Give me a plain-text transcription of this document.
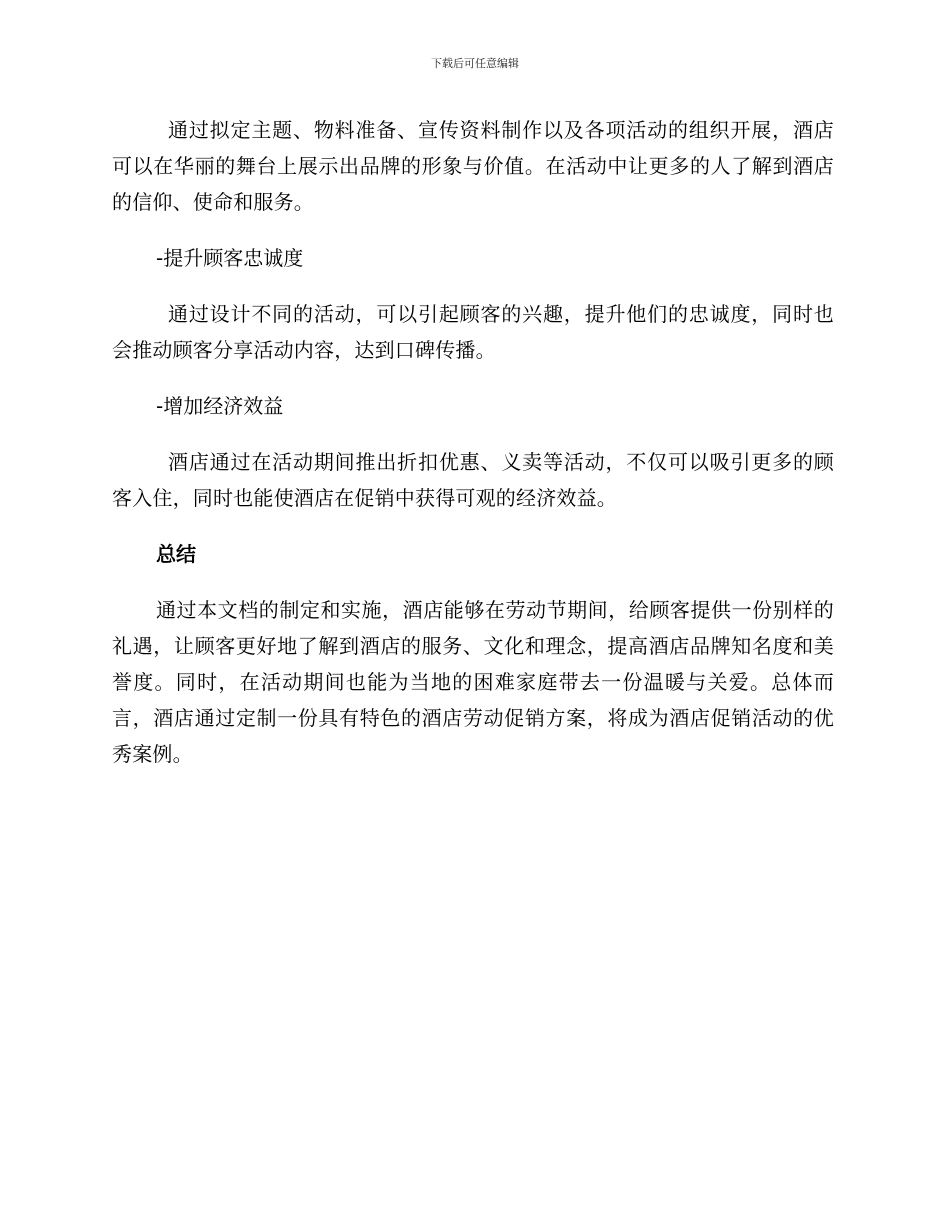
下载后可任意编辑

通过拟定主题、物料准备、宣传资料制作以及各项活动的组织开展，酒店可以在华丽的舞台上展示出品牌的形象与价值。在活动中让更多的人了解到酒店的信仰、使命和服务。

-提升顾客忠诚度

通过设计不同的活动，可以引起顾客的兴趣，提升他们的忠诚度，同时也会推动顾客分享活动内容，达到口碑传播。

-增加经济效益

酒店通过在活动期间推出折扣优惠、义卖等活动，不仅可以吸引更多的顾客入住，同时也能使酒店在促销中获得可观的经济效益。

总结

通过本文档的制定和实施，酒店能够在劳动节期间，给顾客提供一份别样的礼遇，让顾客更好地了解到酒店的服务、文化和理念，提高酒店品牌知名度和美誉度。同时，在活动期间也能为当地的困难家庭带去一份温暖与关爱。总体而言，酒店通过定制一份具有特色的酒店劳动促销方案，将成为酒店促销活动的优秀案例。
